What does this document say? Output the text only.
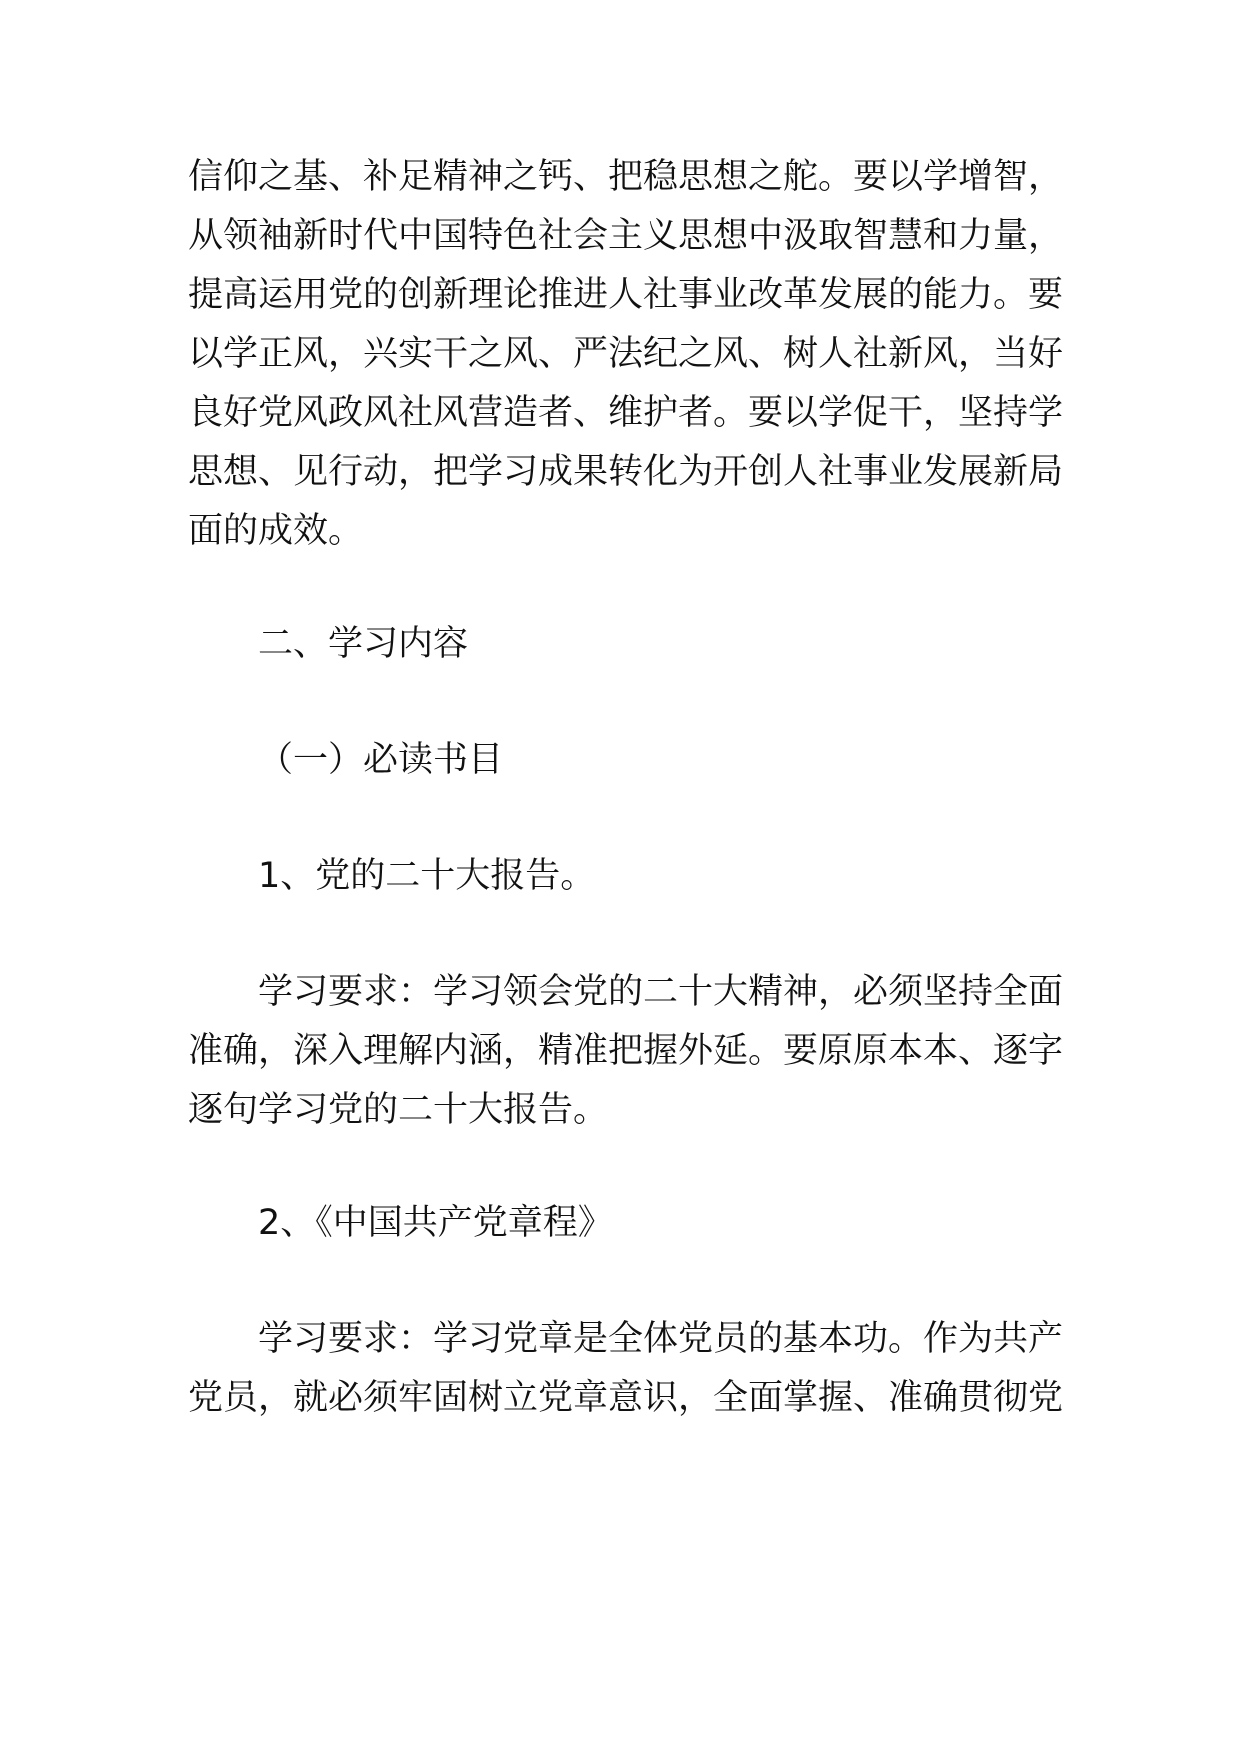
信仰之基、补足精神之钙、把稳思想之舵。要以学增智，
从领袖新时代中国特色社会主义思想中汲取智慧和力量，
提高运用党的创新理论推进人社事业改革发展的能力。要
以学正风，兴实干之风、严法纪之风、树人社新风，当好
良好党风政风社风营造者、维护者。要以学促干，坚持学
思想、见行动，把学习成果转化为开创人社事业发展新局
面的成效。
二、学习内容
（一）必读书目
1、党的二十大报告。
学习要求：学习领会党的二十大精神，必须坚持全面
准确，深入理解内涵，精准把握外延。要原原本本、逐字
逐句学习党的二十大报告。
2、《中国共产党章程》
学习要求：学习党章是全体党员的基本功。作为共产
党员，就必须牢固树立党章意识，全面掌握、准确贯彻党
